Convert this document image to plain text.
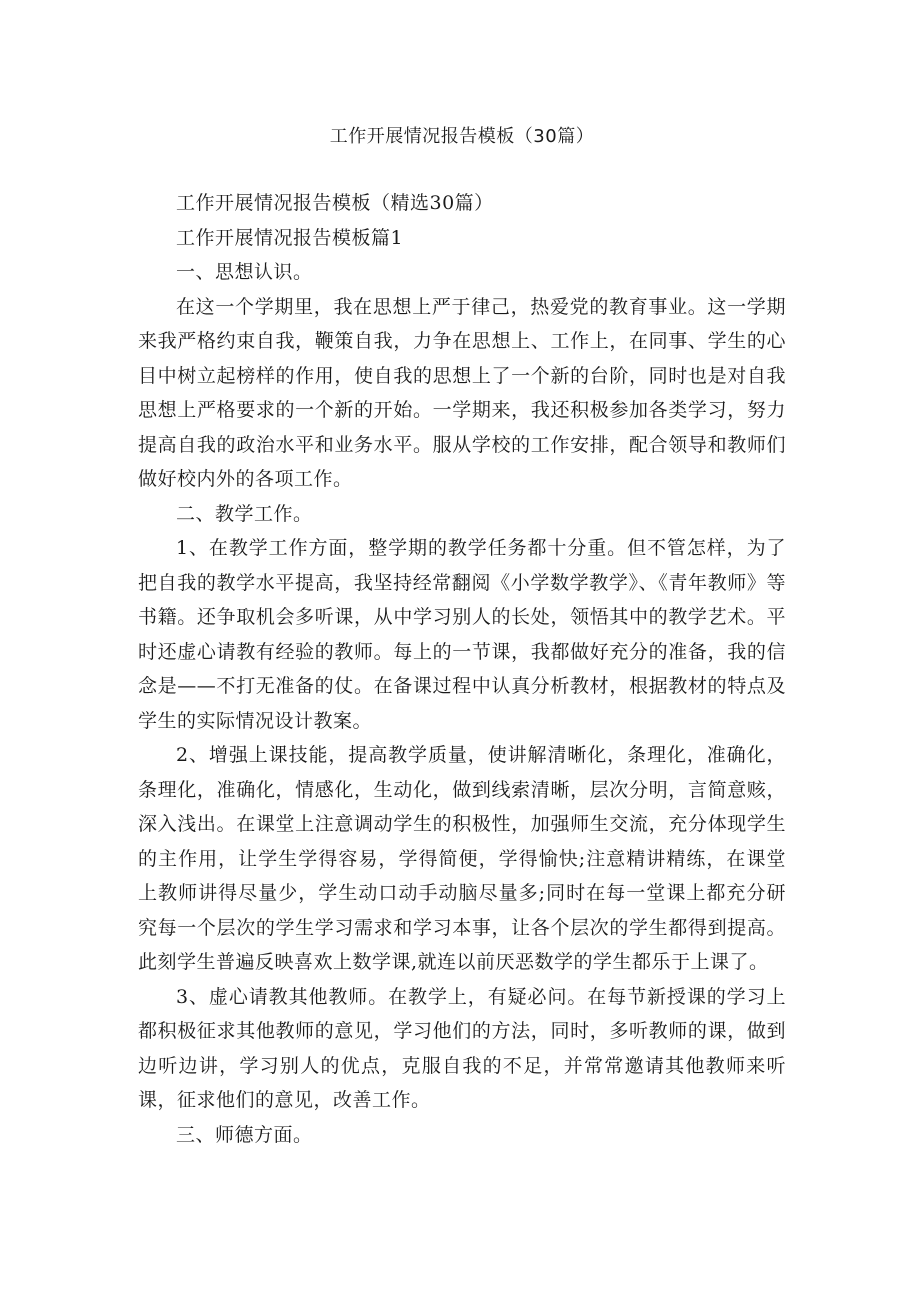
工作开展情况报告模板（30篇）

工作开展情况报告模板（精选30篇）

工作开展情况报告模板篇1

一、思想认识。

在这一个学期里，我在思想上严于律己，热爱党的教育事业。这一学期来我严格约束自我，鞭策自我，力争在思想上、工作上，在同事、学生的心目中树立起榜样的作用，使自我的思想上了一个新的台阶，同时也是对自我思想上严格要求的一个新的开始。一学期来，我还积极参加各类学习，努力提高自我的政治水平和业务水平。服从学校的工作安排，配合领导和教师们做好校内外的各项工作。

二、教学工作。

1、在教学工作方面，整学期的教学任务都十分重。但不管怎样，为了把自我的教学水平提高，我坚持经常翻阅《小学数学教学》、《青年教师》等书籍。还争取机会多听课，从中学习别人的长处，领悟其中的教学艺术。平时还虚心请教有经验的教师。每上的一节课，我都做好充分的准备，我的信念是——不打无准备的仗。在备课过程中认真分析教材，根据教材的特点及学生的实际情况设计教案。

2、增强上课技能，提高教学质量，使讲解清晰化，条理化，准确化，条理化，准确化，情感化，生动化，做到线索清晰，层次分明，言简意赅，深入浅出。在课堂上注意调动学生的积极性，加强师生交流，充分体现学生的主作用，让学生学得容易，学得简便，学得愉快;注意精讲精练，在课堂上教师讲得尽量少，学生动口动手动脑尽量多;同时在每一堂课上都充分研究每一个层次的学生学习需求和学习本事，让各个层次的学生都得到提高。此刻学生普遍反映喜欢上数学课,就连以前厌恶数学的学生都乐于上课了。

3、虚心请教其他教师。在教学上，有疑必问。在每节新授课的学习上都积极征求其他教师的意见，学习他们的方法，同时，多听教师的课，做到边听边讲，学习别人的优点，克服自我的不足，并常常邀请其他教师来听课，征求他们的意见，改善工作。

三、师德方面。
